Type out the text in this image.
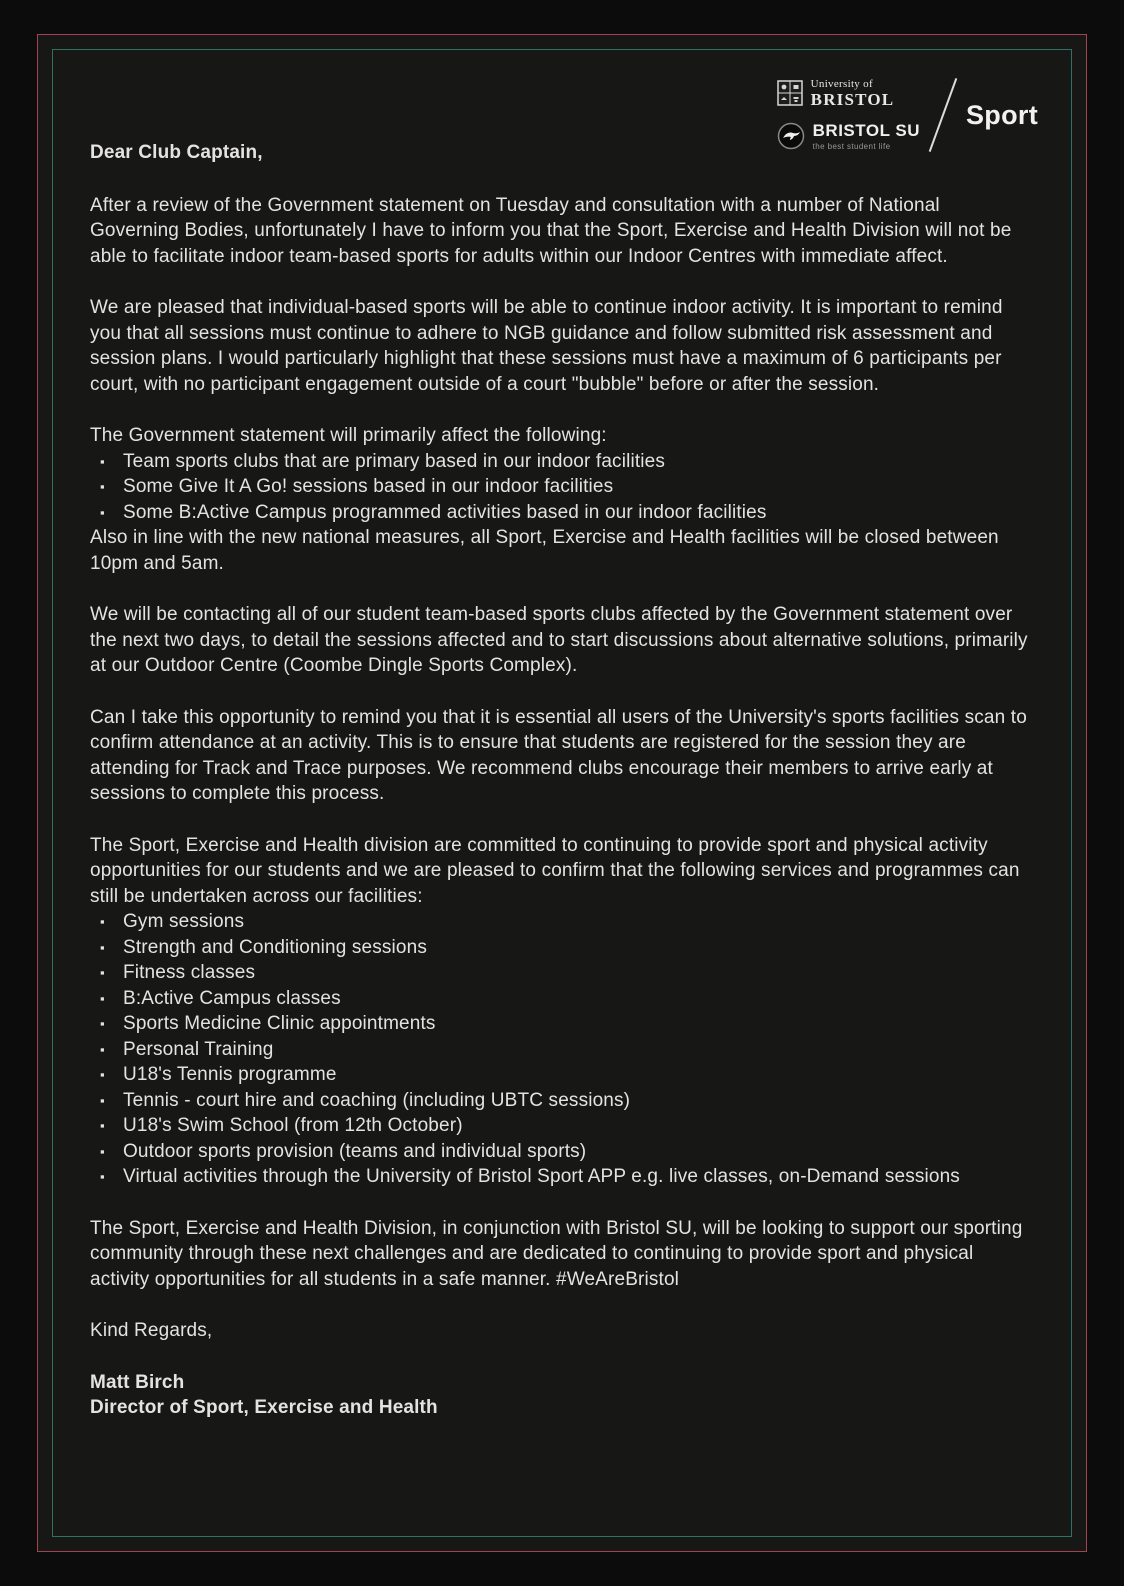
University of
BRISTOL
BRISTOL SU
the best student life
Sport

Dear Club Captain,

After a review of the Government statement on Tuesday and consultation with a number of National Governing Bodies, unfortunately I have to inform you that the Sport, Exercise and Health Division will not be able to facilitate indoor team-based sports for adults within our Indoor Centres with immediate affect.

We are pleased that individual-based sports will be able to continue indoor activity. It is important to remind you that all sessions must continue to adhere to NGB guidance and follow submitted risk assessment and session plans. I would particularly highlight that these sessions must have a maximum of 6 participants per court, with no participant engagement outside of a court "bubble" before or after the session.

The Government statement will primarily affect the following:

▪ Team sports clubs that are primary based in our indoor facilities
▪ Some Give It A Go! sessions based in our indoor facilities
▪ Some B:Active Campus programmed activities based in our indoor facilities

Also in line with the new national measures, all Sport, Exercise and Health facilities will be closed between 10pm and 5am.

We will be contacting all of our student team-based sports clubs affected by the Government statement over the next two days, to detail the sessions affected and to start discussions about alternative solutions, primarily at our Outdoor Centre (Coombe Dingle Sports Complex).

Can I take this opportunity to remind you that it is essential all users of the University's sports facilities scan to confirm attendance at an activity. This is to ensure that students are registered for the session they are attending for Track and Trace purposes. We recommend clubs encourage their members to arrive early at sessions to complete this process.

The Sport, Exercise and Health division are committed to continuing to provide sport and physical activity opportunities for our students and we are pleased to confirm that the following services and programmes can still be undertaken across our facilities:

▪ Gym sessions
▪ Strength and Conditioning sessions
▪ Fitness classes
▪ B:Active Campus classes
▪ Sports Medicine Clinic appointments
▪ Personal Training
▪ U18's Tennis programme
▪ Tennis - court hire and coaching (including UBTC sessions)
▪ U18's Swim School (from 12th October)
▪ Outdoor sports provision (teams and individual sports)
▪ Virtual activities through the University of Bristol Sport APP e.g. live classes, on-Demand sessions

The Sport, Exercise and Health Division, in conjunction with Bristol SU, will be looking to support our sporting community through these next challenges and are dedicated to continuing to provide sport and physical activity opportunities for all students in a safe manner. #WeAreBristol

Kind Regards,

Matt Birch

Director of Sport, Exercise and Health
